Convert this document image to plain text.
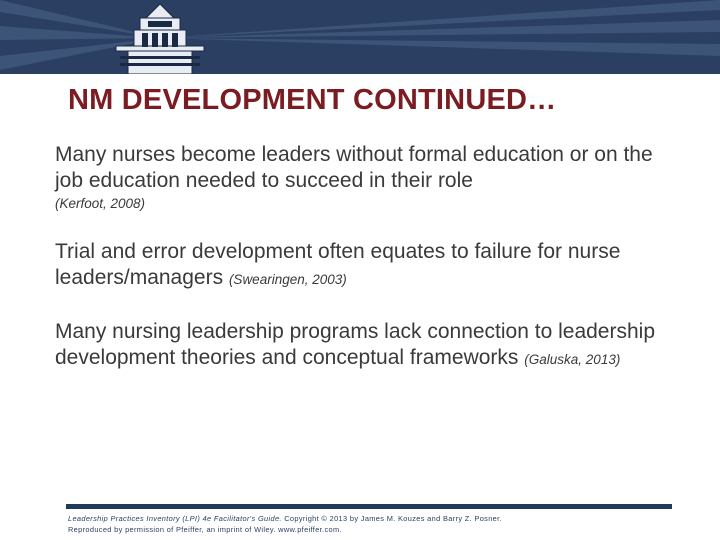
NM DEVELOPMENT CONTINUED…
Many nurses become leaders without formal education or on the job education needed to succeed in their role
(Kerfoot, 2008)
Trial and error development often equates to failure for nurse leaders/managers (Swearingen, 2003)
Many nursing leadership programs lack connection to leadership development theories and conceptual frameworks (Galuska, 2013)
Leadership Practices Inventory (LPI) 4e Facilitator's Guide. Copyright © 2013 by James M. Kouzes and Barry Z. Posner.
Reproduced by permission of Pfeiffer, an imprint of Wiley. www.pfeiffer.com.
